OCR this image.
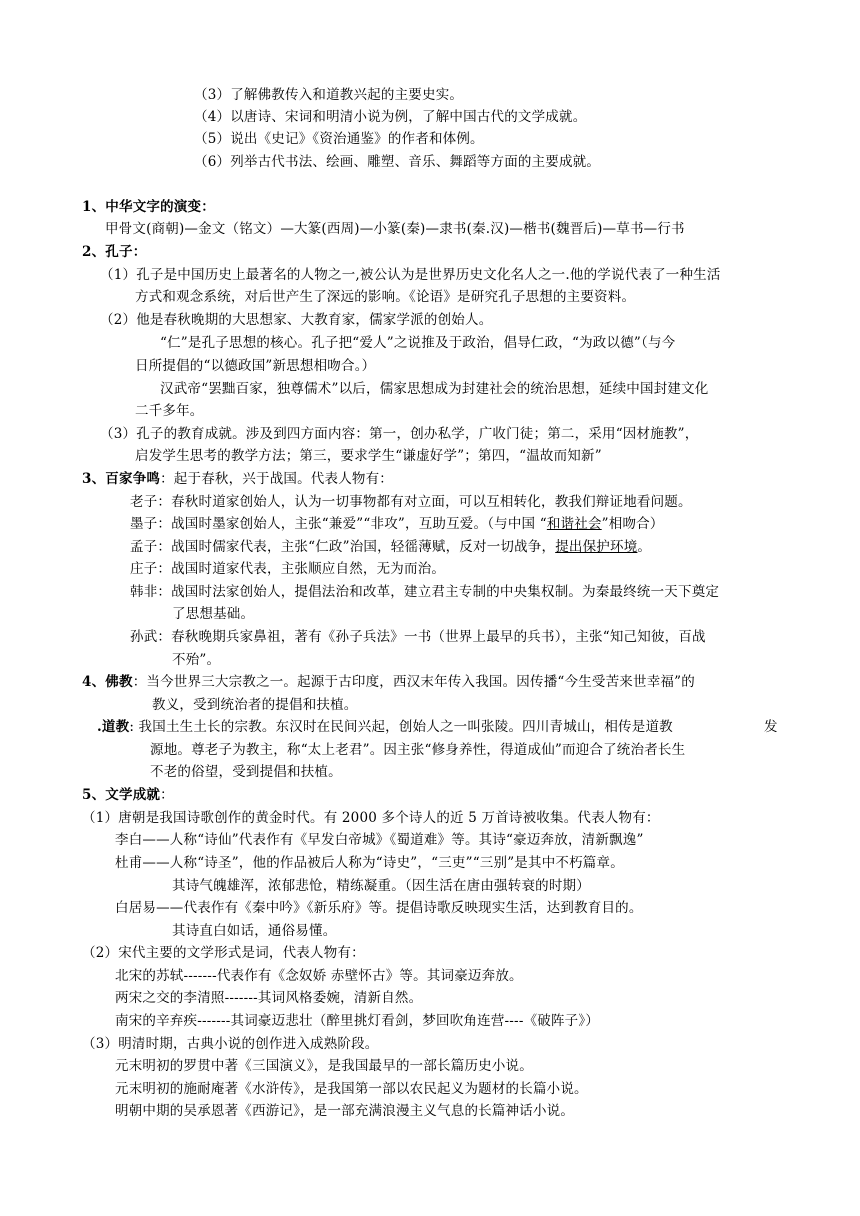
（3）了解佛教传入和道教兴起的主要史实。
（4）以唐诗、宋词和明清小说为例，了解中国古代的文学成就。
（5）说出《史记》《资治通鉴》的作者和体例。
（6）列举古代书法、绘画、雕塑、音乐、舞蹈等方面的主要成就。
1、中华文字的演变：
甲骨文(商朝)—金文（铭文）—大篆(西周)—小篆(秦)—隶书(秦.汉)—楷书(魏晋后)—草书—行书
2、孔子：
（1）孔子是中国历史上最著名的人物之一,被公认为是世界历史文化名人之一.他的学说代表了一种生活
方式和观念系统，对后世产生了深远的影响。《论语》是研究孔子思想的主要资料。
（2）他是春秋晚期的大思想家、大教育家，儒家学派的创始人。
“仁”是孔子思想的核心。孔子把“爱人”之说推及于政治，倡导仁政，“为政以德”（与今
日所提倡的“以德政国”新思想相吻合。）
汉武帝“罢黜百家，独尊儒术”以后，儒家思想成为封建社会的统治思想，延续中国封建文化
二千多年。
（3）孔子的教育成就。涉及到四方面内容：第一，创办私学，广收门徒；第二，采用“因材施教”，
启发学生思考的教学方法；第三，要求学生“谦虚好学”；第四，“温故而知新”
3、百家争鸣：起于春秋，兴于战国。代表人物有：
老子：春秋时道家创始人，认为一切事物都有对立面，可以互相转化，教我们辩证地看问题。
墨子：战国时墨家创始人，主张“兼爱”“非攻”，互助互爱。（与中国 “和谐社会”相吻合）
孟子：战国时儒家代表，主张“仁政”治国，轻徭薄赋，反对一切战争，提出保护环境。
庄子：战国时道家代表，主张顺应自然，无为而治。
韩非：战国时法家创始人，提倡法治和改革，建立君主专制的中央集权制。为秦最终统一天下奠定
了思想基础。
孙武：春秋晚期兵家鼻祖，著有《孙子兵法》一书（世界上最早的兵书），主张“知己知彼，百战
不殆”。
4、佛教：当今世界三大宗教之一。起源于古印度，西汉末年传入我国。因传播“今生受苦来世幸福”的
教义，受到统治者的提倡和扶植。
.道教: 我国土生土长的宗教。东汉时在民间兴起，创始人之一叫张陵。四川青城山，相传是道教	发
源地。尊老子为教主，称“太上老君”。因主张“修身养性，得道成仙”而迎合了统治者长生
不老的俗望，受到提倡和扶植。
5、文学成就：
（1）唐朝是我国诗歌创作的黄金时代。有 2000 多个诗人的近 5 万首诗被收集。代表人物有：
李白——人称“诗仙”代表作有《早发白帝城》《蜀道难》等。其诗“豪迈奔放，清新飘逸”
杜甫——人称“诗圣”，他的作品被后人称为“诗史”，“三吏”“三别”是其中不朽篇章。
其诗气魄雄浑，浓郁悲怆，精练凝重。（因生活在唐由强转衰的时期）
白居易——代表作有《秦中吟》《新乐府》等。提倡诗歌反映现实生活，达到教育目的。
其诗直白如话，通俗易懂。
（2）宋代主要的文学形式是词，代表人物有：
北宋的苏轼-------代表作有《念奴娇 赤壁怀古》等。其词豪迈奔放。
两宋之交的李清照-------其词风格委婉，清新自然。
南宋的辛弃疾-------其词豪迈悲壮（醉里挑灯看剑，梦回吹角连营----《破阵子》）
（3）明清时期，古典小说的创作进入成熟阶段。
元末明初的罗贯中著《三国演义》，是我国最早的一部长篇历史小说。
元末明初的施耐庵著《水浒传》，是我国第一部以农民起义为题材的长篇小说。
明朝中期的吴承恩著《西游记》，是一部充满浪漫主义气息的长篇神话小说。
